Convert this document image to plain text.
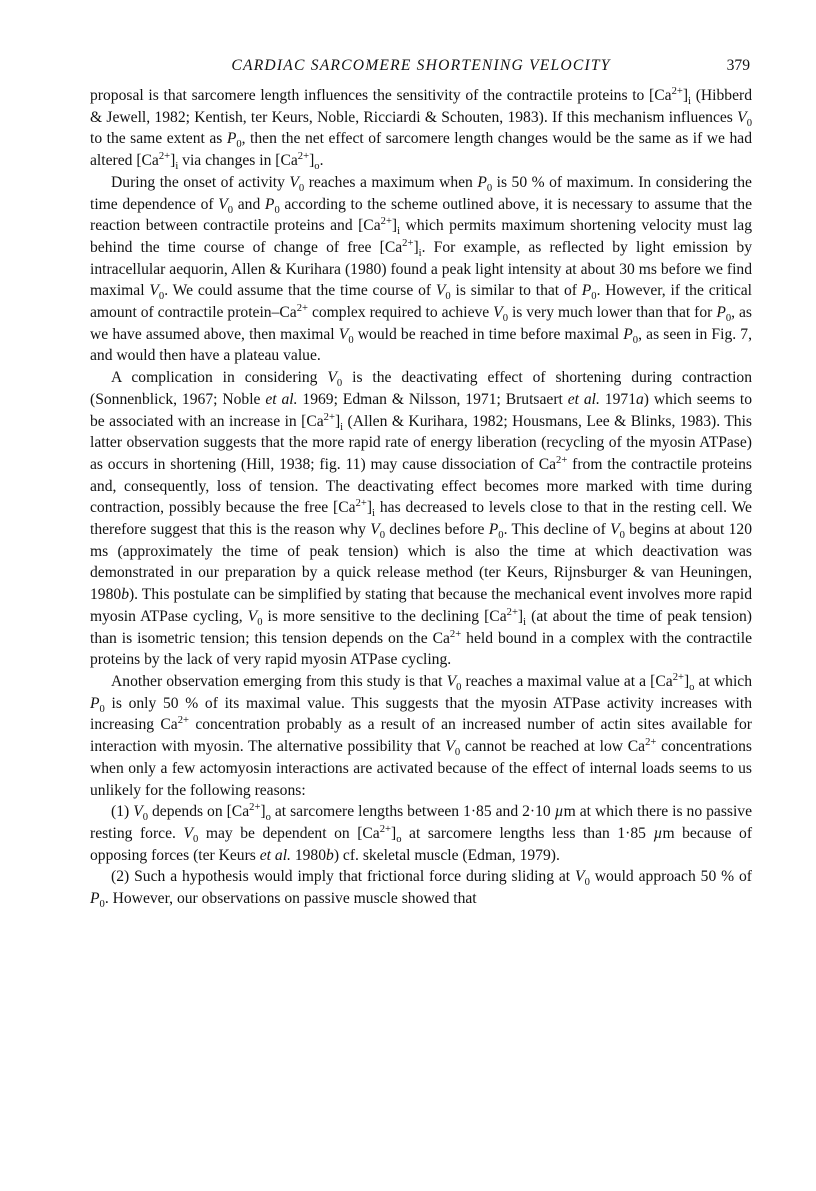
CARDIAC SARCOMERE SHORTENING VELOCITY	379

proposal is that sarcomere length influences the sensitivity of the contractile proteins to $[Ca^{2+}]_i$ (Hibberd & Jewell, 1982; Kentish, ter Keurs, Noble, Ricciardi & Schouten, 1983). If this mechanism influences $V_0$ to the same extent as $P_0$, then the net effect of sarcomere length changes would be the same as if we had altered $[Ca^{2+}]_i$ via changes in $[Ca^{2+}]_o$.

During the onset of activity $V_0$ reaches a maximum when $P_0$ is 50 % of maximum. In considering the time dependence of $V_0$ and $P_0$ according to the scheme outlined above, it is necessary to assume that the reaction between contractile proteins and $[Ca^{2+}]_i$ which permits maximum shortening velocity must lag behind the time course of change of free $[Ca^{2+}]_i$. For example, as reflected by light emission by intracellular aequorin, Allen & Kurihara (1980) found a peak light intensity at about 30 ms before we find maximal $V_0$. We could assume that the time course of $V_0$ is similar to that of $P_0$. However, if the critical amount of contractile protein–$Ca^{2+}$ complex required to achieve $V_0$ is very much lower than that for $P_0$, as we have assumed above, then maximal $V_0$ would be reached in time before maximal $P_0$, as seen in Fig. 7, and would then have a plateau value.

A complication in considering $V_0$ is the deactivating effect of shortening during contraction (Sonnenblick, 1967; Noble et al. 1969; Edman & Nilsson, 1971; Brutsaert et al. 1971a) which seems to be associated with an increase in $[Ca^{2+}]_i$ (Allen & Kurihara, 1982; Housmans, Lee & Blinks, 1983). This latter observation suggests that the more rapid rate of energy liberation (recycling of the myosin ATPase) as occurs in shortening (Hill, 1938; fig. 11) may cause dissociation of $Ca^{2+}$ from the contractile proteins and, consequently, loss of tension. The deactivating effect becomes more marked with time during contraction, possibly because the free $[Ca^{2+}]_i$ has decreased to levels close to that in the resting cell. We therefore suggest that this is the reason why $V_0$ declines before $P_0$. This decline of $V_0$ begins at about 120 ms (approximately the time of peak tension) which is also the time at which deactivation was demonstrated in our preparation by a quick release method (ter Keurs, Rijnsburger & van Heuningen, 1980b). This postulate can be simplified by stating that because the mechanical event involves more rapid myosin ATPase cycling, $V_0$ is more sensitive to the declining $[Ca^{2+}]_i$ (at about the time of peak tension) than is isometric tension; this tension depends on the $Ca^{2+}$ held bound in a complex with the contractile proteins by the lack of very rapid myosin ATPase cycling.

Another observation emerging from this study is that $V_0$ reaches a maximal value at a $[Ca^{2+}]_o$ at which $P_0$ is only 50 % of its maximal value. This suggests that the myosin ATPase activity increases with increasing $Ca^{2+}$ concentration probably as a result of an increased number of actin sites available for interaction with myosin. The alternative possibility that $V_0$ cannot be reached at low $Ca^{2+}$ concentrations when only a few actomyosin interactions are activated because of the effect of internal loads seems to us unlikely for the following reasons:

(1) $V_0$ depends on $[Ca^{2+}]_o$ at sarcomere lengths between 1·85 and 2·10 µm at which there is no passive resting force. $V_0$ may be dependent on $[Ca^{2+}]_o$ at sarcomere lengths less than 1·85 µm because of opposing forces (ter Keurs et al. 1980b) cf. skeletal muscle (Edman, 1979).

(2) Such a hypothesis would imply that frictional force during sliding at $V_0$ would approach 50 % of $P_0$. However, our observations on passive muscle showed that
